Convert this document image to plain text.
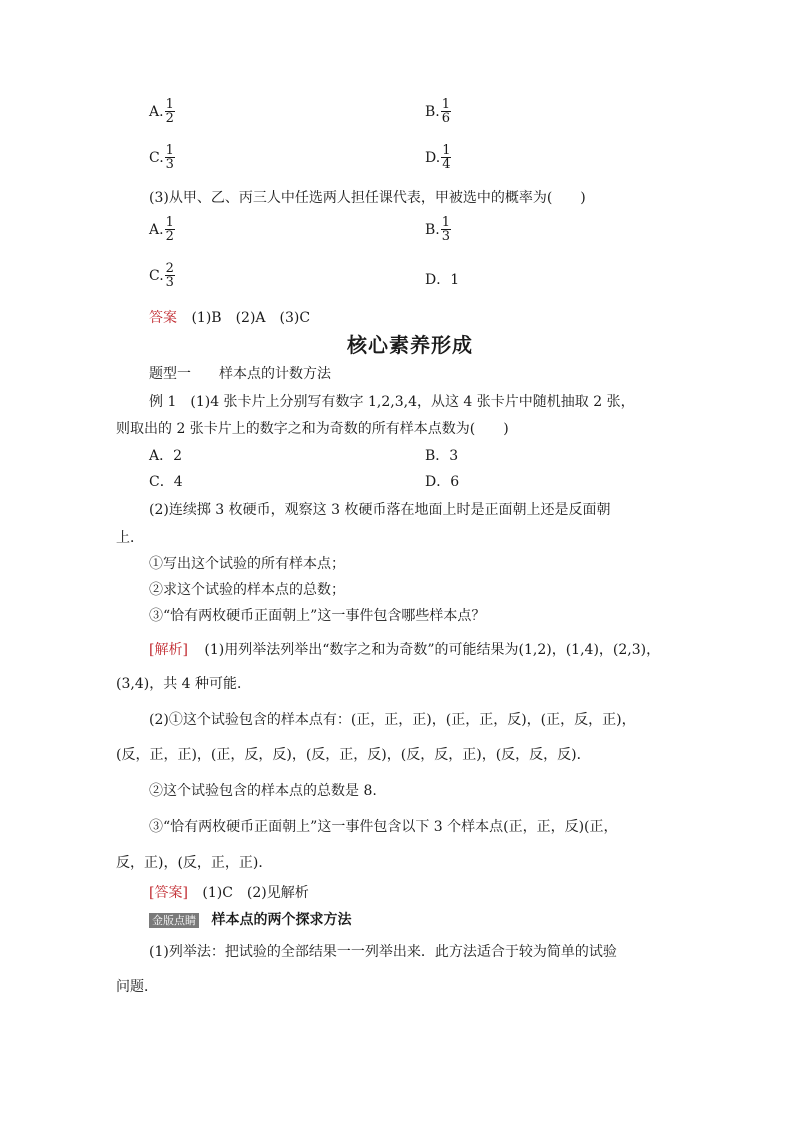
A. $\frac{1}{2}$	B. $\frac{1}{6}$
C. $\frac{1}{3}$	D. $\frac{1}{4}$
(3)从甲、乙、丙三人中任选两人担任课代表，甲被选中的概率为(　　)
A. $\frac{1}{2}$	B. $\frac{1}{3}$
C. $\frac{2}{3}$	D．1
答案 (1)B　(2)A　(3)C
核心素养形成
题型一　　样本点的计数方法
例 1　(1)4 张卡片上分别写有数字 1,2,3,4，从这 4 张卡片中随机抽取 2 张，
则取出的 2 张卡片上的数字之和为奇数的所有样本点数为(　　)
A．2	B．3
C．4	D．6
(2)连续掷 3 枚硬币，观察这 3 枚硬币落在地面上时是正面朝上还是反面朝
上．
①写出这个试验的所有样本点；
②求这个试验的样本点的总数；
③“恰有两枚硬币正面朝上”这一事件包含哪些样本点？
[解析] (1)用列举法列举出“数字之和为奇数”的可能结果为(1,2)，(1,4)，(2,3)，
(3,4)，共 4 种可能．
(2)①这个试验包含的样本点有：(正，正，正)，(正，正，反)，(正，反，正)，
(反，正，正)，(正，反，反)，(反，正，反)，(反，反，正)，(反，反，反)．
②这个试验包含的样本点的总数是 8.
③“恰有两枚硬币正面朝上”这一事件包含以下 3 个样本点(正，正，反)(正，
反，正)，(反，正，正)．
[答案] (1)C　(2)见解析
金版点睛 样本点的两个探求方法
(1)列举法：把试验的全部结果一一列举出来．此方法适合于较为简单的试验
问题．
